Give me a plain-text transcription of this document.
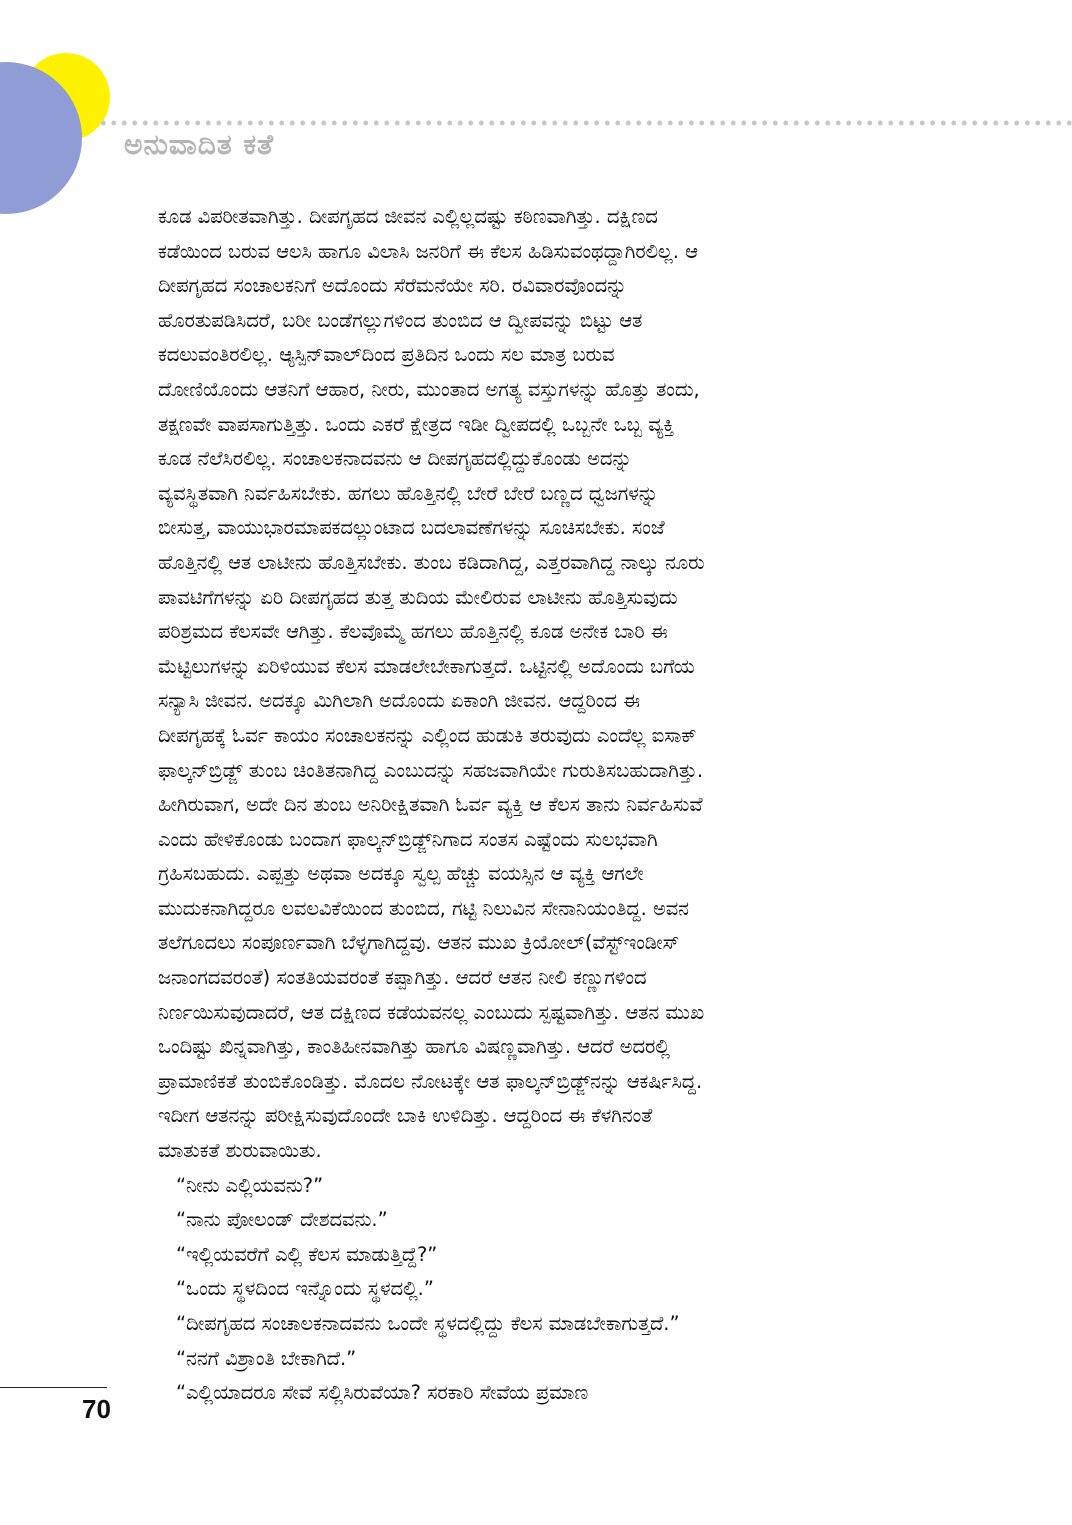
ಅನುವಾದಿತ ಕತೆ

ಕೂಡ ವಿಪರೀತವಾಗಿತ್ತು. ದೀಪಗೃಹದ ಜೀವನ ಎಲ್ಲಿಲ್ಲದಷ್ಟು ಕಠಿಣವಾಗಿತ್ತು. ದಕ್ಷಿಣದ
ಕಡೆಯಿಂದ ಬರುವ ಆಲಸಿ ಹಾಗೂ ವಿಲಾಸಿ ಜನರಿಗೆ ಈ ಕೆಲಸ ಹಿಡಿಸುವಂಥದ್ದಾಗಿರಲಿಲ್ಲ. ಆ
ದೀಪಗೃಹದ ಸಂಚಾಲಕನಿಗೆ ಅದೊಂದು ಸೆರೆಮನೆಯೇ ಸರಿ. ರವಿವಾರವೊಂದನ್ನು
ಹೊರತುಪಡಿಸಿದರೆ, ಬರೀ ಬಂಡೆಗಲ್ಲುಗಳಿಂದ ತುಂಬಿದ ಆ ದ್ವೀಪವನ್ನು ಬಿಟ್ಟು ಆತ
ಕದಲುವಂತಿರಲಿಲ್ಲ. ಆ್ಯಸ್ಪಿನ್‌ವಾಲ್‌ದಿಂದ ಪ್ರತಿದಿನ ಒಂದು ಸಲ ಮಾತ್ರ ಬರುವ
ದೋಣಿಯೊಂದು ಆತನಿಗೆ ಆಹಾರ, ನೀರು, ಮುಂತಾದ ಅಗತ್ಯ ವಸ್ತುಗಳನ್ನು ಹೊತ್ತು ತಂದು,
ತಕ್ಷಣವೇ ವಾಪಸಾಗುತ್ತಿತ್ತು. ಒಂದು ಎಕರೆ ಕ್ಷೇತ್ರದ ಇಡೀ ದ್ವೀಪದಲ್ಲಿ ಒಬ್ಬನೇ ಒಬ್ಬ ವ್ಯಕ್ತಿ
ಕೂಡ ನೆಲೆಸಿರಲಿಲ್ಲ. ಸಂಚಾಲಕನಾದವನು ಆ ದೀಪಗೃಹದಲ್ಲಿದ್ದುಕೊಂಡು ಅದನ್ನು
ವ್ಯವಸ್ಥಿತವಾಗಿ ನಿರ್ವಹಿಸಬೇಕು. ಹಗಲು ಹೊತ್ತಿನಲ್ಲಿ ಬೇರೆ ಬೇರೆ ಬಣ್ಣದ ಧ್ವಜಗಳನ್ನು
ಬೀಸುತ್ತ, ವಾಯುಭಾರಮಾಪಕದಲ್ಲುಂಟಾದ ಬದಲಾವಣೆಗಳನ್ನು ಸೂಚಿಸಬೇಕು. ಸಂಜೆ
ಹೊತ್ತಿನಲ್ಲಿ ಆತ ಲಾಟೀನು ಹೊತ್ತಿಸಬೇಕು. ತುಂಬ ಕಡಿದಾಗಿದ್ದ, ಎತ್ತರವಾಗಿದ್ದ ನಾಲ್ಕು ನೂರು
ಪಾವಟಿಗೆಗಳನ್ನು ಏರಿ ದೀಪಗೃಹದ ತುತ್ತ ತುದಿಯ ಮೇಲಿರುವ ಲಾಟೀನು ಹೊತ್ತಿಸುವುದು
ಪರಿಶ್ರಮದ ಕೆಲಸವೇ ಆಗಿತ್ತು. ಕೆಲವೊಮ್ಮೆ ಹಗಲು ಹೊತ್ತಿನಲ್ಲಿ ಕೂಡ ಅನೇಕ ಬಾರಿ ಈ
ಮೆಟ್ಟಿಲುಗಳನ್ನು ಏರಿಳಿಯುವ ಕೆಲಸ ಮಾಡಲೇಬೇಕಾಗುತ್ತದೆ. ಒಟ್ಟಿನಲ್ಲಿ ಅದೊಂದು ಬಗೆಯ
ಸನ್ಯಾಸಿ ಜೀವನ. ಅದಕ್ಕೂ ಮಿಗಿಲಾಗಿ ಅದೊಂದು ಏಕಾಂಗಿ ಜೀವನ. ಆದ್ದರಿಂದ ಈ
ದೀಪಗೃಹಕ್ಕೆ ಓರ್ವ ಕಾಯಂ ಸಂಚಾಲಕನನ್ನು ಎಲ್ಲಿಂದ ಹುಡುಕಿ ತರುವುದು ಎಂದೆಲ್ಲ ಐಸಾಕ್
ಫಾಲ್ಕನ್‌ಬ್ರಿಡ್ಜ್ ತುಂಬ ಚಿಂತಿತನಾಗಿದ್ದ ಎಂಬುದನ್ನು ಸಹಜವಾಗಿಯೇ ಗುರುತಿಸಬಹುದಾಗಿತ್ತು.
ಹೀಗಿರುವಾಗ, ಅದೇ ದಿನ ತುಂಬ ಅನಿರೀಕ್ಷಿತವಾಗಿ ಓರ್ವ ವ್ಯಕ್ತಿ ಆ ಕೆಲಸ ತಾನು ನಿರ್ವಹಿಸುವೆ
ಎಂದು ಹೇಳಿಕೊಂಡು ಬಂದಾಗ ಫಾಲ್ಕನ್‌ಬ್ರಿಡ್ಜ್‌ನಿಗಾದ ಸಂತಸ ಎಷ್ಟೆಂದು ಸುಲಭವಾಗಿ
ಗ್ರಹಿಸಬಹುದು. ಎಪ್ಪತ್ತು ಅಥವಾ ಅದಕ್ಕೂ ಸ್ವಲ್ಪ ಹೆಚ್ಚು ವಯಸ್ಸಿನ ಆ ವ್ಯಕ್ತಿ ಆಗಲೇ
ಮುದುಕನಾಗಿದ್ದರೂ ಲವಲವಿಕೆಯಿಂದ ತುಂಬಿದ, ಗಟ್ಟಿ ನಿಲುವಿನ ಸೇನಾನಿಯಂತಿದ್ದ. ಅವನ
ತಲೆಗೂದಲು ಸಂಪೂರ್ಣವಾಗಿ ಬೆಳ್ಳಗಾಗಿದ್ದವು. ಆತನ ಮುಖ ಕ್ರಿಯೋಲ್(ವೆಸ್ಟ್‌ಇಂಡೀಸ್
ಜನಾಂಗದವರಂತೆ) ಸಂತತಿಯವರಂತೆ ಕಪ್ಪಾಗಿತ್ತು. ಆದರೆ ಆತನ ನೀಲಿ ಕಣ್ಣುಗಳಿಂದ
ನಿರ್ಣಯಿಸುವುದಾದರೆ, ಆತ ದಕ್ಷಿಣದ ಕಡೆಯವನಲ್ಲ ಎಂಬುದು ಸ್ಪಷ್ಟವಾಗಿತ್ತು. ಆತನ ಮುಖ
ಒಂದಿಷ್ಟು ಖಿನ್ನವಾಗಿತ್ತು, ಕಾಂತಿಹೀನವಾಗಿತ್ತು ಹಾಗೂ ವಿಷಣ್ಣವಾಗಿತ್ತು. ಆದರೆ ಅದರಲ್ಲಿ
ಪ್ರಾಮಾಣಿಕತೆ ತುಂಬಿಕೊಂಡಿತ್ತು. ಮೊದಲ ನೋಟಕ್ಕೇ ಆತ ಫಾಲ್ಕನ್‌ಬ್ರಿಡ್ಜ್‌ನನ್ನು ಆಕರ್ಷಿಸಿದ್ದ.
ಇದೀಗ ಆತನನ್ನು ಪರೀಕ್ಷಿಸುವುದೊಂದೇ ಬಾಕಿ ಉಳಿದಿತ್ತು. ಆದ್ದರಿಂದ ಈ ಕೆಳಗಿನಂತೆ
ಮಾತುಕತೆ ಶುರುವಾಯಿತು.

“ನೀನು ಎಲ್ಲಿಯವನು?”
“ನಾನು ಪೋಲಂಡ್ ದೇಶದವನು.”
“ಇಲ್ಲಿಯವರೆಗೆ ಎಲ್ಲಿ ಕೆಲಸ ಮಾಡುತ್ತಿದ್ದೆ?”
“ಒಂದು ಸ್ಥಳದಿಂದ ಇನ್ನೊಂದು ಸ್ಥಳದಲ್ಲಿ.”
“ದೀಪಗೃಹದ ಸಂಚಾಲಕನಾದವನು ಒಂದೇ ಸ್ಥಳದಲ್ಲಿದ್ದು ಕೆಲಸ ಮಾಡಬೇಕಾಗುತ್ತದೆ.”
“ನನಗೆ ವಿಶ್ರಾಂತಿ ಬೇಕಾಗಿದೆ.”
“ಎಲ್ಲಿಯಾದರೂ ಸೇವೆ ಸಲ್ಲಿಸಿರುವೆಯಾ? ಸರಕಾರಿ ಸೇವೆಯ ಪ್ರಮಾಣ

70
